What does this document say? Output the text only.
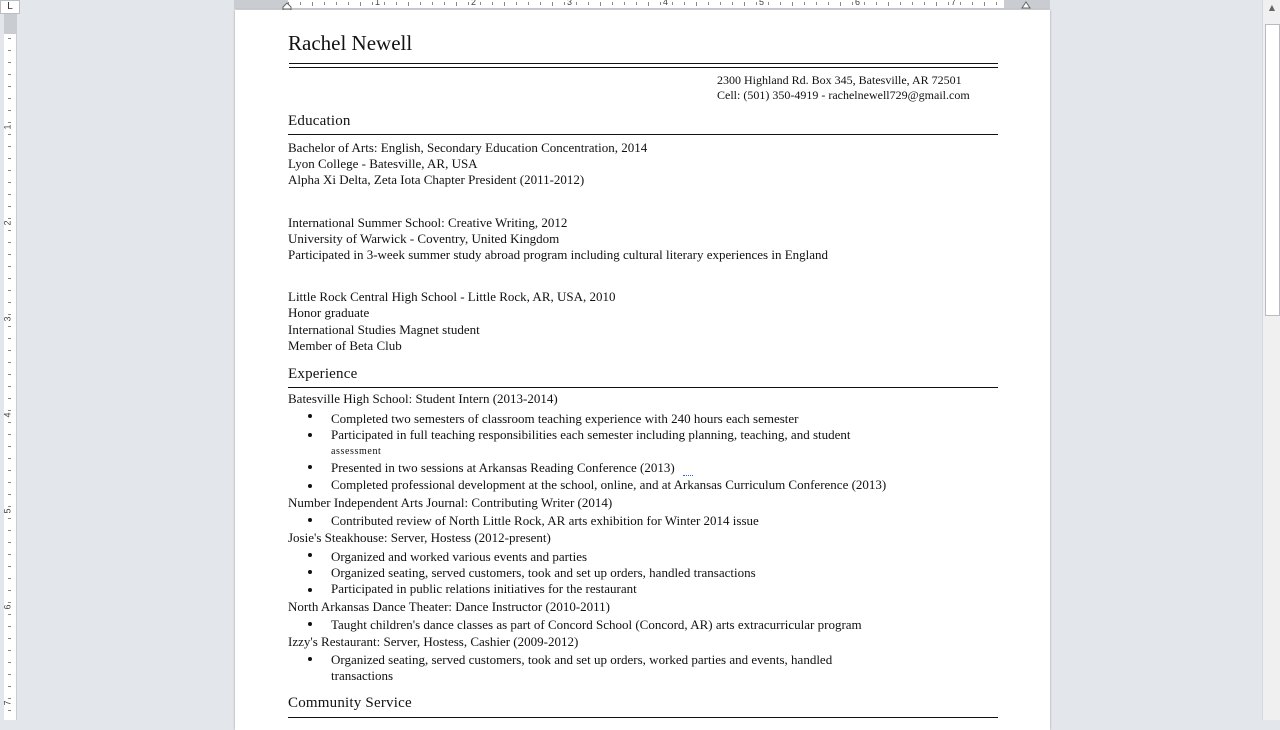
L	1	2	3	4	5	6	7
1
2
3
4
5
6
7
Rachel Newell
2300 Highland Rd. Box 345, Batesville, AR 72501
Cell: (501) 350-4919 - rachelnewell729@gmail.com
Education
Bachelor of Arts: English, Secondary Education Concentration, 2014
Lyon College - Batesville, AR, USA
Alpha Xi Delta, Zeta Iota Chapter President (2011-2012)
International Summer School: Creative Writing, 2012
University of Warwick - Coventry, United Kingdom
Participated in 3-week summer study abroad program including cultural literary experiences in England
Little Rock Central High School - Little Rock, AR, USA, 2010
Honor graduate
International Studies Magnet student
Member of Beta Club
Experience
Batesville High School: Student Intern (2013-2014)
Completed two semesters of classroom teaching experience with 240 hours each semester
Participated in full teaching responsibilities each semester including planning, teaching, and student
assessment
Presented in two sessions at Arkansas Reading Conference (2013)
Completed professional development at the school, online, and at Arkansas Curriculum Conference (2013)
Number Independent Arts Journal: Contributing Writer (2014)
Contributed review of North Little Rock, AR arts exhibition for Winter 2014 issue
Josie's Steakhouse: Server, Hostess (2012-present)
Organized and worked various events and parties
Organized seating, served customers, took and set up orders, handled transactions
Participated in public relations initiatives for the restaurant
North Arkansas Dance Theater: Dance Instructor (2010-2011)
Taught children's dance classes as part of Concord School (Concord, AR) arts extracurricular program
Izzy's Restaurant: Server, Hostess, Cashier (2009-2012)
Organized seating, served customers, took and set up orders, worked parties and events, handled
transactions
Community Service
▲
